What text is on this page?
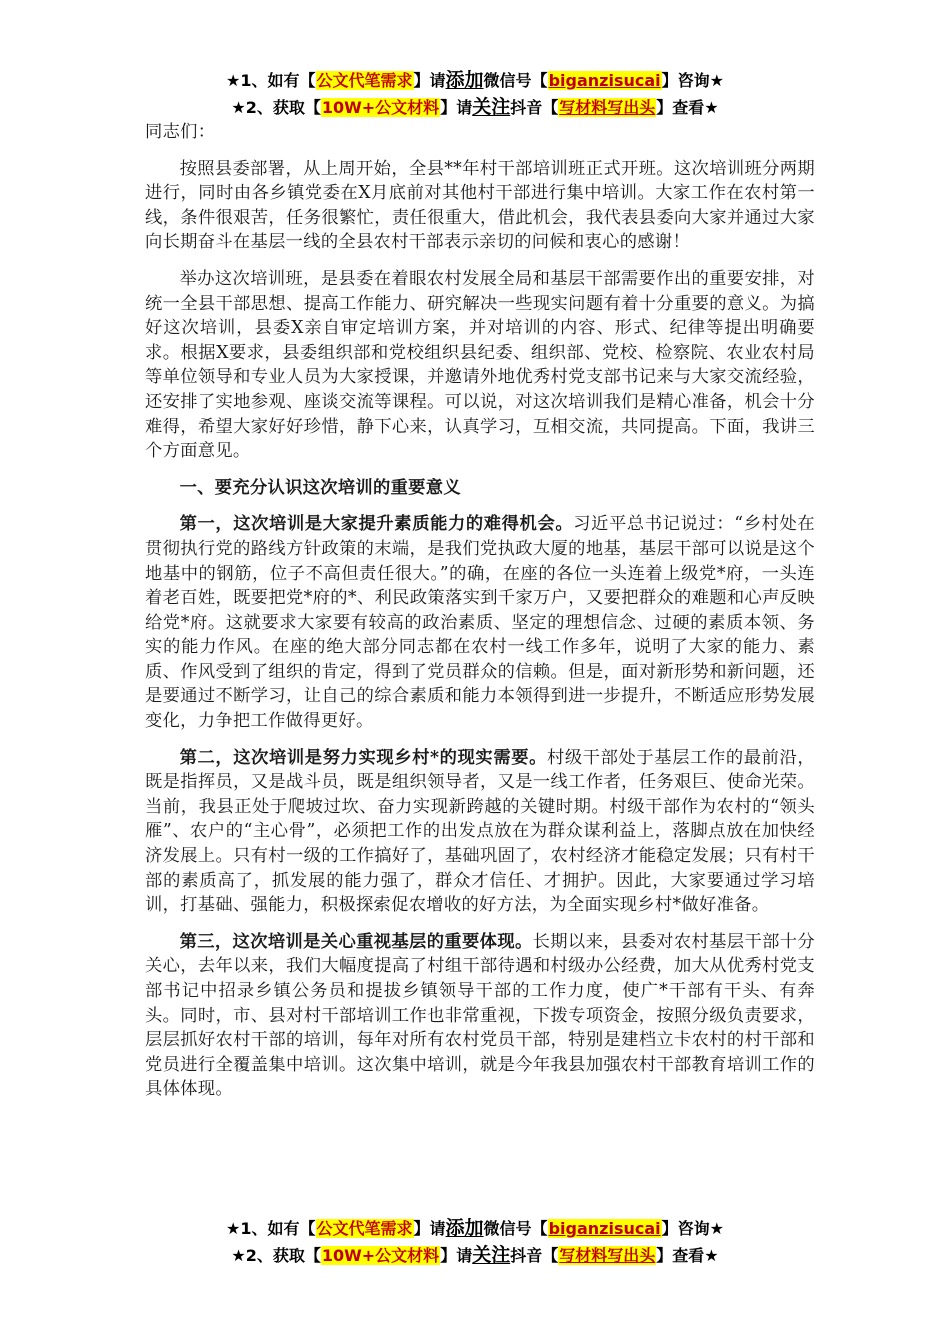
★1、如有【公文代笔需求】请添加微信号【biganzisucai】咨询★
★2、获取【10W+公文材料】请关注抖音【写材料写出头】查看★

同志们：

按照县委部署，从上周开始，全县**年村干部培训班正式开班。这次培训班分两期进行，同时由各乡镇党委在X月底前对其他村干部进行集中培训。大家工作在农村第一线，条件很艰苦，任务很繁忙，责任很重大，借此机会，我代表县委向大家并通过大家向长期奋斗在基层一线的全县农村干部表示亲切的问候和衷心的感谢！

举办这次培训班，是县委在着眼农村发展全局和基层干部需要作出的重要安排，对统一全县干部思想、提高工作能力、研究解决一些现实问题有着十分重要的意义。为搞好这次培训，县委X亲自审定培训方案，并对培训的内容、形式、纪律等提出明确要求。根据X要求，县委组织部和党校组织县纪委、组织部、党校、检察院、农业农村局等单位领导和专业人员为大家授课，并邀请外地优秀村党支部书记来与大家交流经验，还安排了实地参观、座谈交流等课程。可以说，对这次培训我们是精心准备，机会十分难得，希望大家好好珍惜，静下心来，认真学习，互相交流，共同提高。下面，我讲三个方面意见。

一、要充分认识这次培训的重要意义

第一，这次培训是大家提升素质能力的难得机会。习近平总书记说过：“乡村处在贯彻执行党的路线方针政策的末端，是我们党执政大厦的地基，基层干部可以说是这个地基中的钢筋，位子不高但责任很大。”的确，在座的各位一头连着上级党*府，一头连着老百姓，既要把党*府的*、利民政策落实到千家万户，又要把群众的难题和心声反映给党*府。这就要求大家要有较高的政治素质、坚定的理想信念、过硬的素质本领、务实的能力作风。在座的绝大部分同志都在农村一线工作多年，说明了大家的能力、素质、作风受到了组织的肯定，得到了党员群众的信赖。但是，面对新形势和新问题，还是要通过不断学习，让自己的综合素质和能力本领得到进一步提升，不断适应形势发展变化，力争把工作做得更好。

第二，这次培训是努力实现乡村*的现实需要。村级干部处于基层工作的最前沿，既是指挥员，又是战斗员，既是组织领导者，又是一线工作者，任务艰巨、使命光荣。当前，我县正处于爬坡过坎、奋力实现新跨越的关键时期。村级干部作为农村的“领头雁”、农户的“主心骨”，必须把工作的出发点放在为群众谋利益上，落脚点放在加快经济发展上。只有村一级的工作搞好了，基础巩固了，农村经济才能稳定发展；只有村干部的素质高了，抓发展的能力强了，群众才信任、才拥护。因此，大家要通过学习培训，打基础、强能力，积极探索促农增收的好方法，为全面实现乡村*做好准备。

第三，这次培训是关心重视基层的重要体现。长期以来，县委对农村基层干部十分关心，去年以来，我们大幅度提高了村组干部待遇和村级办公经费，加大从优秀村党支部书记中招录乡镇公务员和提拔乡镇领导干部的工作力度，使广*干部有干头、有奔头。同时，市、县对村干部培训工作也非常重视，下拨专项资金，按照分级负责要求，层层抓好农村干部的培训，每年对所有农村党员干部，特别是建档立卡农村的村干部和党员进行全覆盖集中培训。这次集中培训，就是今年我县加强农村干部教育培训工作的具体体现。

★1、如有【公文代笔需求】请添加微信号【biganzisucai】咨询★
★2、获取【10W+公文材料】请关注抖音【写材料写出头】查看★
